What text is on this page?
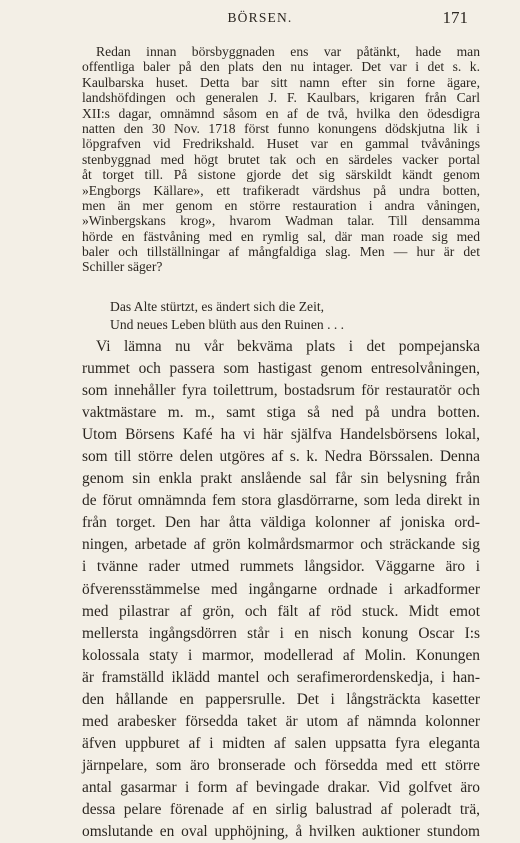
BÖRSEN.	171
Redan innan börsbyggnaden ens var påtänkt, hade man
offentliga baler på den plats den nu intager. Det var i det s. k.
Kaulbarska huset. Detta bar sitt namn efter sin forne ägare,
landshöfdingen och generalen J. F. Kaulbars, krigaren från Carl
XII:s dagar, omnämnd såsom en af de två, hvilka den ödesdigra
natten den 30 Nov. 1718 först funno konungens dödskjutna lik i
löpgrafven vid Fredrikshald. Huset var en gammal tvåvånings
stenbyggnad med högt brutet tak och en särdeles vacker portal
åt torget till. På sistone gjorde det sig särskildt kändt genom
»Engborgs Källare», ett trafikeradt värdshus på undra botten,
men än mer genom en större restauration i andra våningen,
»Winbergskans krog», hvarom Wadman talar. Till densamma
hörde en fästvåning med en rymlig sal, där man roade sig med
baler och tillställningar af mångfaldiga slag. Men — hur är det
Schiller säger?
Das Alte stürtzt, es ändert sich die Zeit,
Und neues Leben blüth aus den Ruinen . . .
Vi lämna nu vår bekväma plats i det pompejanska
rummet och passera som hastigast genom entresolvåningen,
som innehåller fyra toilettrum, bostadsrum för restauratör och
vaktmästare m. m., samt stiga så ned på undra botten.
Utom Börsens Kafé ha vi här själfva Handelsbörsens lokal,
som till större delen utgöres af s. k. Nedra Börssalen. Denna
genom sin enkla prakt anslående sal får sin belysning från
de förut omnämnda fem stora glasdörrarne, som leda direkt in
från torget. Den har åtta väldiga kolonner af joniska ord-
ningen, arbetade af grön kolmårdsmarmor och sträckande sig
i tvänne rader utmed rummets långsidor. Väggarne äro i
öfverensstämmelse med ingångarne ordnade i arkadformer
med pilastrar af grön, och fält af röd stuck. Midt emot
mellersta ingångsdörren står i en nisch konung Oscar I:s
kolossala staty i marmor, modellerad af Molin. Konungen
är framställd iklädd mantel och serafimerordenskedja, i han-
den hållande en pappersrulle. Det i långsträckta kasetter
med arabesker försedda taket är utom af nämnda kolonner
äfven uppburet af i midten af salen uppsatta fyra eleganta
järnpelare, som äro bronserade och försedda med ett större
antal gasarmar i form af bevingade drakar. Vid golfvet äro
dessa pelare förenade af en sirlig balustrad af poleradt trä,
omslutande en oval upphöjning, å hvilken auktioner stundom
